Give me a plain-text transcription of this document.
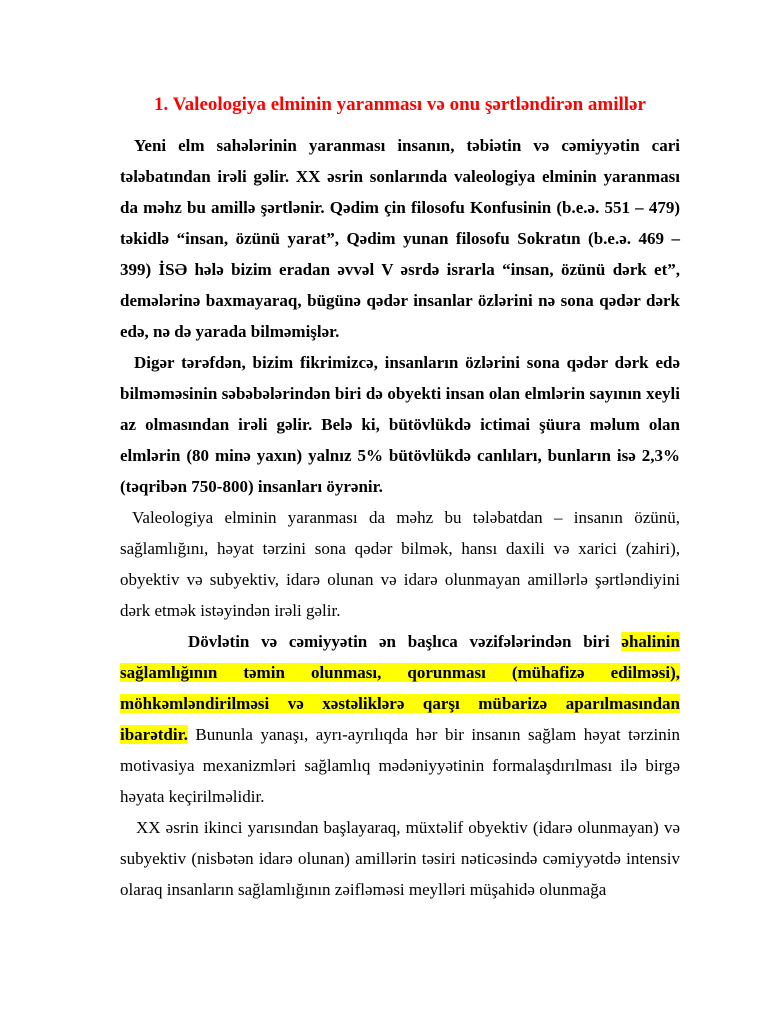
1. Valeologiya elminin yaranması və onu şərtləndirən amillər

Yeni elm sahələrinin yaranması insanın, təbiətin və cəmiyyətin cari tələbatından irəli gəlir. XX əsrin sonlarında valeologiya elminin yaranması da məhz bu amillə şərtlənir. Qədim çin filosofu Konfusinin (b.e.ə. 551 – 479) təkidlə “insan, özünü yarat”, Qədim yunan filosofu Sokratın (b.e.ə. 469 – 399) İSƏ hələ bizim eradan əvvəl V əsrdə israrla “insan, özünü dərk et”, demələrinə baxmayaraq, bügünə qədər insanlar özlərini nə sona qədər dərk edə, nə də yarada bilməmişlər.

Digər tərəfdən, bizim fikrimizcə, insanların özlərini sona qədər dərk edə bilməməsinin səbəbələrindən biri də obyekti insan olan elmlərin sayının xeyli az olmasından irəli gəlir. Belə ki, bütövlükdə ictimai şüura məlum olan elmlərin (80 minə yaxın) yalnız 5% bütövlükdə canlıları, bunların isə 2,3% (təqribən 750-800) insanları öyrənir.

Valeologiya elminin yaranması da məhz bu tələbatdan – insanın özünü, sağlamlığını, həyat tərzini sona qədər bilmək, hansı daxili və xarici (zahiri), obyektiv və subyektiv, idarə olunan və idarə olunmayan amillərlə şərtləndiyini dərk etmək istəyindən irəli gəlir.

Dövlətin və cəmiyyətin ən başlıca vəzifələrindən biri əhalinin sağlamlığının təmin olunması, qorunması (mühafizə edilməsi), möhkəmləndirilməsi və xəstəliklərə qarşı mübarizə aparılmasından ibarətdir. Bununla yanaşı, ayrı-ayrılıqda hər bir insanın sağlam həyat tərzinin motivasiya mexanizmləri sağlamlıq mədəniyyətinin formalaşdırılması ilə birgə həyata keçirilməlidir.

XX əsrin ikinci yarısından başlayaraq, müxtəlif obyektiv (idarə olunmayan) və subyektiv (nisbətən idarə olunan) amillərin təsiri nəticəsində cəmiyyətdə intensiv olaraq insanların sağlamlığının zəifləməsi meylləri müşahidə olunmağa
